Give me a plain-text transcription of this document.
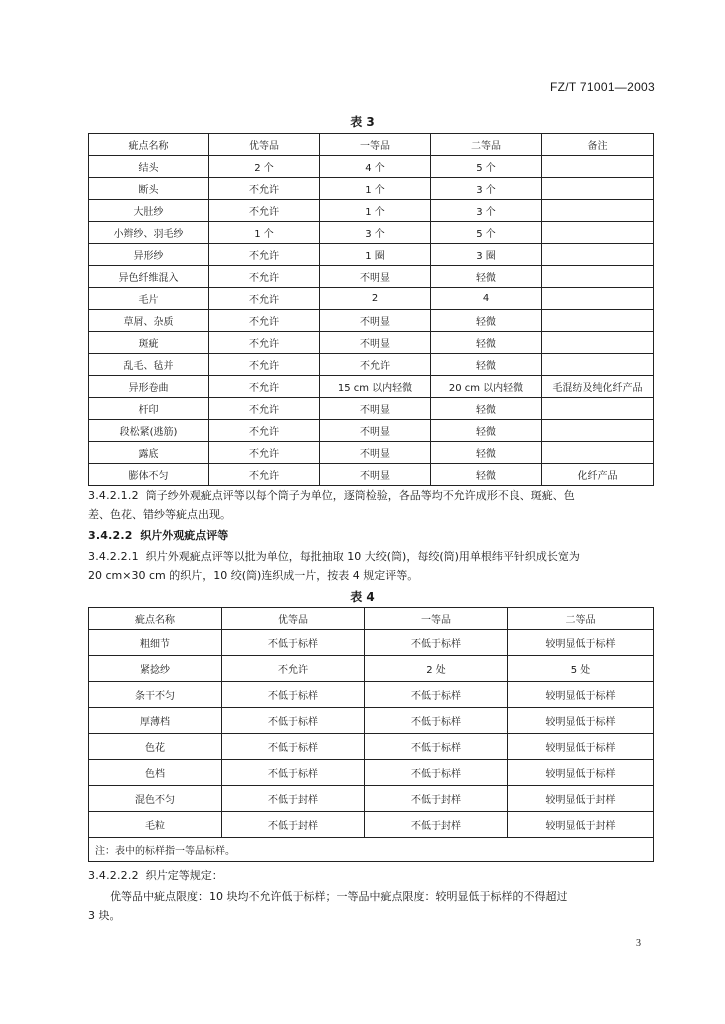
FZ/T 71001—2003
表 3
疵点名称	优等品	一等品	二等品	备注
结头	2 个	4 个	5 个	
断头	不允许	1 个	3 个	
大肚纱	不允许	1 个	3 个	
小辫纱、羽毛纱	1 个	3 个	5 个	
异形纱	不允许	1 圈	3 圈	
异色纤维混入	不允许	不明显	轻微	
毛片	不允许	2	4	
草屑、杂质	不允许	不明显	轻微	
斑疵	不允许	不明显	轻微	
乱毛、毡并	不允许	不允许	轻微	
异形卷曲	不允许	15 cm 以内轻微	20 cm 以内轻微	毛混纺及纯化纤产品
杆印	不允许	不明显	轻微	
段松紧(逃筋)	不允许	不明显	轻微	
露底	不允许	不明显	轻微	
膨体不匀	不允许	不明显	轻微	化纤产品
3.4.2.1.2 筒子纱外观疵点评等以每个筒子为单位，逐筒检验，各品等均不允许成形不良、斑疵、色
差、色花、错纱等疵点出现。
3.4.2.2 织片外观疵点评等
3.4.2.2.1 织片外观疵点评等以批为单位，每批抽取 10 大绞(筒)，每绞(筒)用单根纬平针织成长宽为
20 cm×30 cm 的织片，10 绞(筒)连织成一片，按表 4 规定评等。
表 4
疵点名称	优等品	一等品	二等品
粗细节	不低于标样	不低于标样	较明显低于标样
紧捻纱	不允许	2 处	5 处
条干不匀	不低于标样	不低于标样	较明显低于标样
厚薄档	不低于标样	不低于标样	较明显低于标样
色花	不低于标样	不低于标样	较明显低于标样
色档	不低于标样	不低于标样	较明显低于标样
混色不匀	不低于封样	不低于封样	较明显低于封样
毛粒	不低于封样	不低于封样	较明显低于封样
注：表中的标样指一等品标样。			
3.4.2.2.2 织片定等规定：
优等品中疵点限度：10 块均不允许低于标样；一等品中疵点限度：较明显低于标样的不得超过
3 块。
3
